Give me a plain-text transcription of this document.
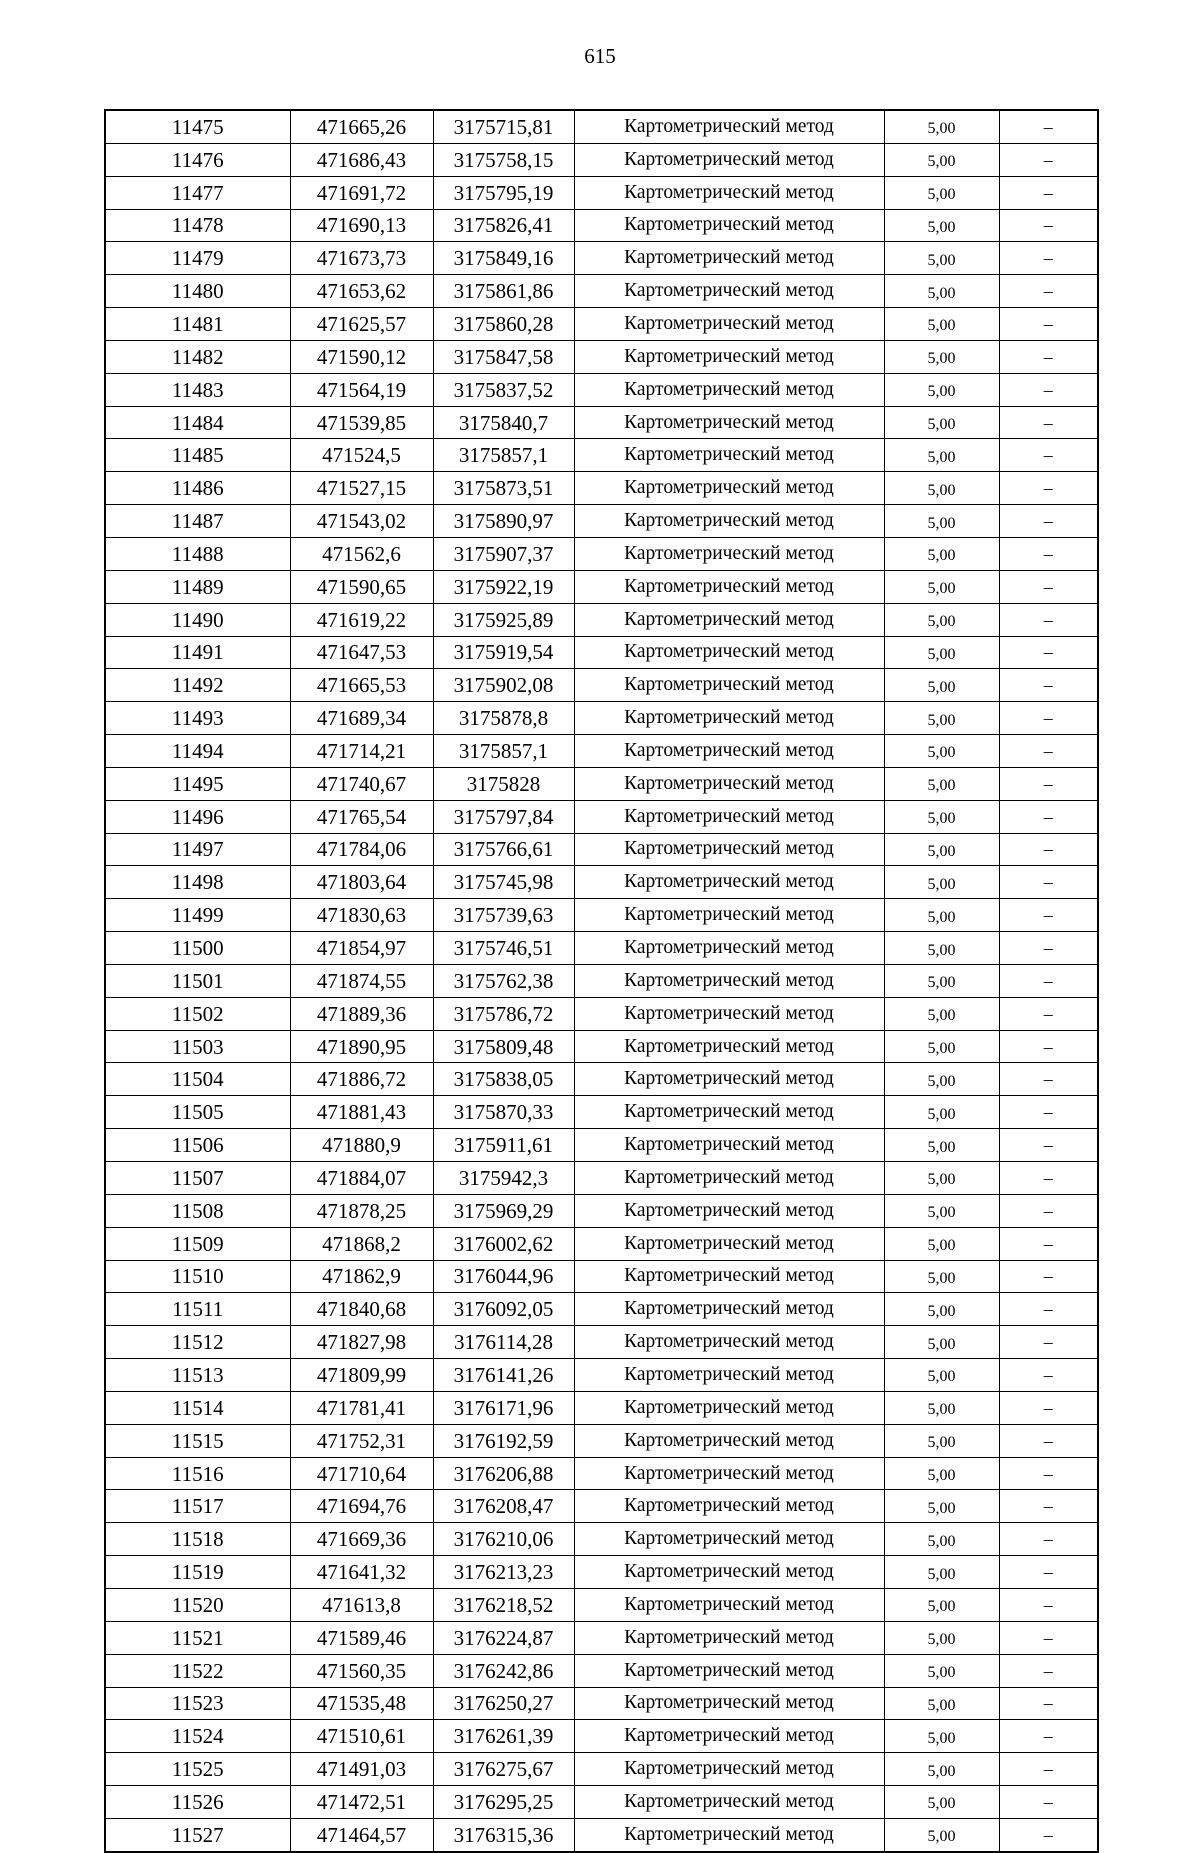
615
11475	471665,26	3175715,81	Картометрический метод	5,00	–
11476	471686,43	3175758,15	Картометрический метод	5,00	–
11477	471691,72	3175795,19	Картометрический метод	5,00	–
11478	471690,13	3175826,41	Картометрический метод	5,00	–
11479	471673,73	3175849,16	Картометрический метод	5,00	–
11480	471653,62	3175861,86	Картометрический метод	5,00	–
11481	471625,57	3175860,28	Картометрический метод	5,00	–
11482	471590,12	3175847,58	Картометрический метод	5,00	–
11483	471564,19	3175837,52	Картометрический метод	5,00	–
11484	471539,85	3175840,7	Картометрический метод	5,00	–
11485	471524,5	3175857,1	Картометрический метод	5,00	–
11486	471527,15	3175873,51	Картометрический метод	5,00	–
11487	471543,02	3175890,97	Картометрический метод	5,00	–
11488	471562,6	3175907,37	Картометрический метод	5,00	–
11489	471590,65	3175922,19	Картометрический метод	5,00	–
11490	471619,22	3175925,89	Картометрический метод	5,00	–
11491	471647,53	3175919,54	Картометрический метод	5,00	–
11492	471665,53	3175902,08	Картометрический метод	5,00	–
11493	471689,34	3175878,8	Картометрический метод	5,00	–
11494	471714,21	3175857,1	Картометрический метод	5,00	–
11495	471740,67	3175828	Картометрический метод	5,00	–
11496	471765,54	3175797,84	Картометрический метод	5,00	–
11497	471784,06	3175766,61	Картометрический метод	5,00	–
11498	471803,64	3175745,98	Картометрический метод	5,00	–
11499	471830,63	3175739,63	Картометрический метод	5,00	–
11500	471854,97	3175746,51	Картометрический метод	5,00	–
11501	471874,55	3175762,38	Картометрический метод	5,00	–
11502	471889,36	3175786,72	Картометрический метод	5,00	–
11503	471890,95	3175809,48	Картометрический метод	5,00	–
11504	471886,72	3175838,05	Картометрический метод	5,00	–
11505	471881,43	3175870,33	Картометрический метод	5,00	–
11506	471880,9	3175911,61	Картометрический метод	5,00	–
11507	471884,07	3175942,3	Картометрический метод	5,00	–
11508	471878,25	3175969,29	Картометрический метод	5,00	–
11509	471868,2	3176002,62	Картометрический метод	5,00	–
11510	471862,9	3176044,96	Картометрический метод	5,00	–
11511	471840,68	3176092,05	Картометрический метод	5,00	–
11512	471827,98	3176114,28	Картометрический метод	5,00	–
11513	471809,99	3176141,26	Картометрический метод	5,00	–
11514	471781,41	3176171,96	Картометрический метод	5,00	–
11515	471752,31	3176192,59	Картометрический метод	5,00	–
11516	471710,64	3176206,88	Картометрический метод	5,00	–
11517	471694,76	3176208,47	Картометрический метод	5,00	–
11518	471669,36	3176210,06	Картометрический метод	5,00	–
11519	471641,32	3176213,23	Картометрический метод	5,00	–
11520	471613,8	3176218,52	Картометрический метод	5,00	–
11521	471589,46	3176224,87	Картометрический метод	5,00	–
11522	471560,35	3176242,86	Картометрический метод	5,00	–
11523	471535,48	3176250,27	Картометрический метод	5,00	–
11524	471510,61	3176261,39	Картометрический метод	5,00	–
11525	471491,03	3176275,67	Картометрический метод	5,00	–
11526	471472,51	3176295,25	Картометрический метод	5,00	–
11527	471464,57	3176315,36	Картометрический метод	5,00	–
